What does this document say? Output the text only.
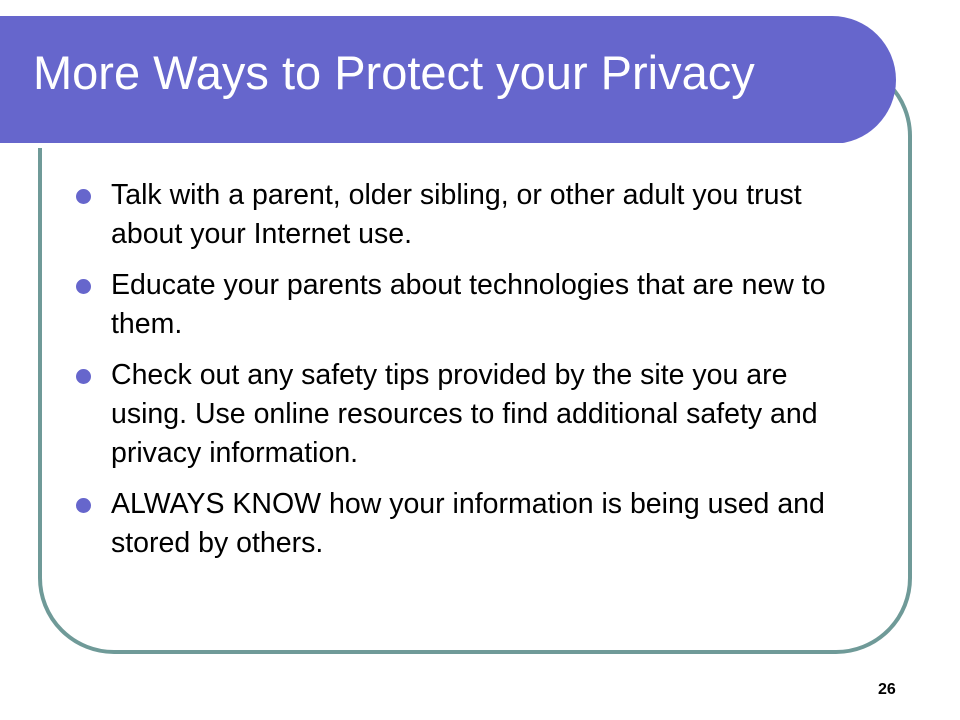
More Ways to Protect your Privacy
Talk with a parent, older sibling, or other adult you trust about your Internet use.
Educate your parents about technologies that are new to them.
Check out any safety tips provided by the site you are using. Use online resources to find additional safety and privacy information.
ALWAYS KNOW how your information is being used and stored by others.
26
